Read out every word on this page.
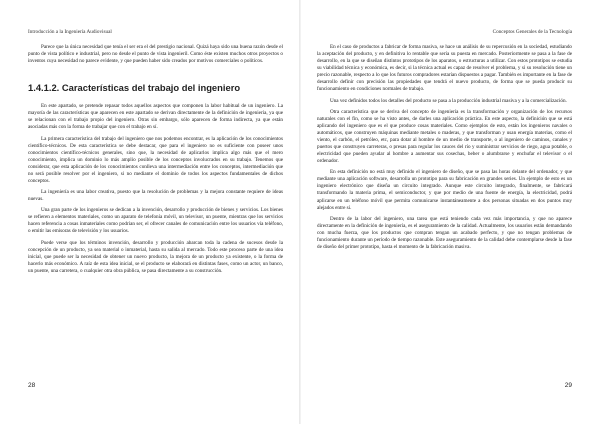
Introducción a la Ingeniería Audiovisual

Parece que la única necesidad que tenía el ser era el del prestigio nacional. Quizá haya sido una buena razón desde el punto de vista político e industrial, pero no desde el punto de vista ingenieril. Como éste existen muchos otros proyectos o inventos cuya necesidad no parece evidente, y que pueden haber sido creados por motivos comerciales o políticos.

1.4.1.2. Características del trabajo del ingeniero

En este apartado, se pretende repasar todos aquellos aspectos que componen la labor habitual de un ingeniero. La mayoría de las características que aparecen en este apartado se derivan directamente de la definición de ingeniería, ya que se relacionan con el trabajo propio del ingeniero. Otras sin embargo, sólo aparecen de forma indirecta, ya que están asociadas más con la forma de trabajar que con el trabajo en sí.

La primera característica del trabajo del ingeniero que nos podemos encontrar, es la aplicación de los conocimientos científico-técnicos. De esta característica se debe destacar, que para el ingeniero no es suficiente con poseer unos conocimientos científico-técnicos generales, sino que, la necesidad de aplicarlos implica algo más que el mero conocimiento, implica un dominio lo más amplio posible de los conceptos involucrados en su trabajo. Tenemos que considerar, que esta aplicación de los conocimientos conlleva una intermediación entre los conceptos, intermediación que no será posible resolver por el ingeniero, si no mediante el dominio de todos los aspectos fundamentales de dichos conceptos.

La ingeniería es una labor creativa, puesto que la resolución de problemas y la mejora constante requiere de ideas nuevas.

Una gran parte de los ingenieros se dedican a la invención, desarrollo y producción de bienes y servicios. Los bienes se refieren a elementos materiales, como un aparato de telefonía móvil, un televisor, un puente, mientras que los servicios hacen referencia a cosas inmateriales como podrían ser, el ofrecer canales de comunicación entre los usuarios vía teléfono, o emitir las emisoras de televisión y los usuarios.

Puede verse que los términos invención, desarrollo y producción abarcan toda la cadena de sucesos desde la concepción de un producto, ya sea material o inmaterial, hasta su salida al mercado. Todo este proceso parte de una idea inicial, que puede ser la necesidad de obtener un nuevo producto, la mejora de un producto ya existente, o la forma de hacerlo más económico. A raíz de esta idea inicial, se el producto se elaborará en distintas fases, como un actor, un banco, un puente, una carretera, o cualquier otra obra pública, se pasa directamente a su construcción.

28
Conceptos Generales de la Tecnología

En el caso de productos a fabricar de forma masiva, se hace un análisis de su repercusión en la sociedad, estudiando la aceptación del producto, y en definitiva lo rentable que sería su puesta en mercado. Posteriormente se pasa a la fase de desarrollo, en la que se diseñan distintos prototipos de los aparatos, o estructuras a utilizar. Con estos prototipos se estudia su viabilidad técnica y económica, es decir, si la técnica actual es capaz de resolver el problema, y si su resolución tiene un precio razonable, respecto a lo que los futuros compradores estarían dispuestos a pagar. También es importante en la fase de desarrollo definir con precisión las propiedades que tendrá el nuevo producto, de forma que se pueda producir su funcionamiento en condiciones normales de trabajo.

Una vez definidos todos los detalles del producto se pasa a la producción industrial masiva y a la comercialización.

Otra característica que se deriva del concepto de ingeniería es la transformación y organización de los recursos naturales con el fin, como se ha visto antes, de darles una aplicación práctica. En este aspecto, la definición que se está aplicando del ingeniero que es el que produce cosas materiales. Como ejemplos de esto, están los ingenieros navales o automáticos, que construyen máquinas mediante metales o maderas, y que transforman y usan energía materias, como el viento, el carbón, el petróleo, etc, para dotar al hombre de un medio de transporte, o al ingeniero de caminos, canales y puertos que construyen carreteras, o presas para regular los cauces del río y suministrar servicios de riego, agua potable, o electricidad que pueden ayudar al hombre a aumentar sus cosechas, beber o alumbrarse y enchufar el televisor o el ordenador.

En esta definición no está muy definido el ingeniero de diseño, que se pasa las horas delante del ordenador, y que mediante una aplicación software, desarrolla un prototipo para su fabricación en grandes series. Un ejemplo de esto es un ingeniero electrónico que diseña un circuito integrado. Aunque este circuito integrado, finalmente, se fabricará transformando la materia prima, el semiconductor, y que por medio de una fuente de energía, la electricidad, podrá aplicarse en un teléfono móvil que permita comunicarse instantáneamente a dos personas situadas en dos puntos muy alejados entre sí.

Dentro de la labor del ingeniero, una tarea que está teniendo cada vez más importancia, y que no aparece directamente en la definición de ingeniería, es el aseguramiento de la calidad. Actualmente, los usuarios están demandando con mucha fuerza, que los productos que compran tengan un acabado perfecto, y que no tengan problemas de funcionamiento durante un periodo de tiempo razonable. Este aseguramiento de la calidad debe contemplarse desde la fase de diseño del primer prototipo, hasta el momento de la fabricación masiva.

29
